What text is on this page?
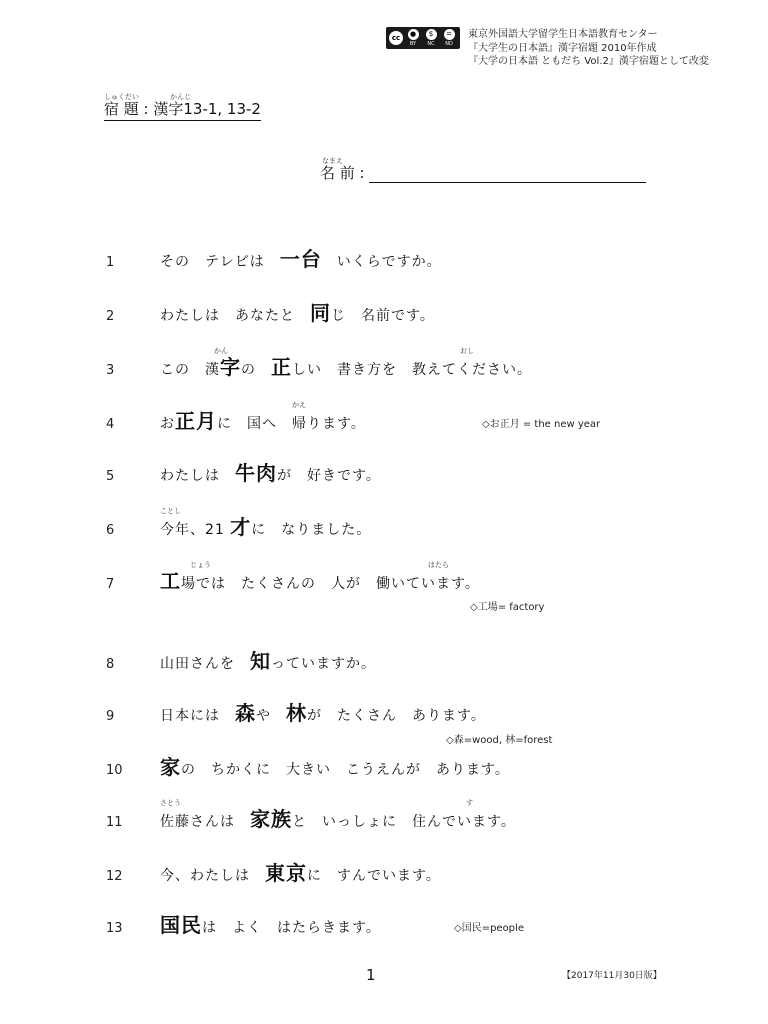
cc	●
BY
$
NC
=
ND
東京外国語大学留学生日本語教育センター
『大学生の日本語』漢字宿題 2010年作成
『大学の日本語 ともだち Vol.2』漢字宿題として改変
しゅくだい	かんじ
宿 題 : 漢字13-1, 13-2
なまえ
名 前 :
1	その　テレビは　一台　いくらですか。
2	わたしは　あなたと　同じ　名前です。
かん	おし
3	この　漢字の　正しい　書き方を　教えてください。
かえ
4	お正月に　国へ　帰ります。	◇お正月 = the new year
5	わたしは　牛肉が　好きです。
ことし
6	今年、21 才に　なりました。
じょう	はたら
7	工場では　たくさんの　人が　働いています。
◇工場= factory
8	山田さんを　知っていますか。
9	日本には　森や　林が　たくさん　あります。
◇森=wood, 林=forest
10	家の　ちかくに　大きい　こうえんが　あります。
さとう	す
11	佐藤さんは　家族と　いっしょに　住んでいます。
12	今、わたしは　東京に　すんでいます。
13	国民は　よく　はたらきます。	◇国民=people
1	【2017年11月30日版】
